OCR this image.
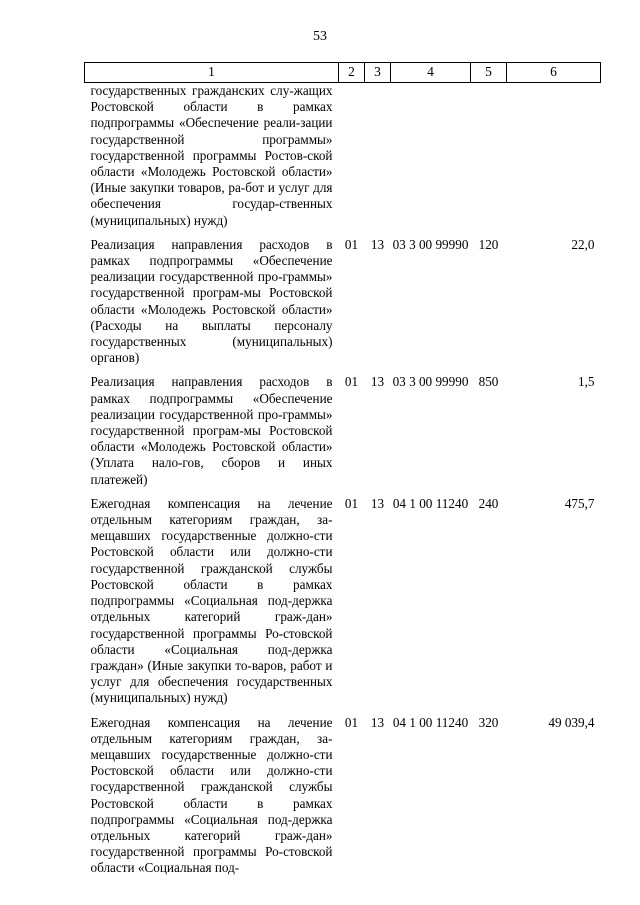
53
1	2	3	4	5	6
государственных гражданских слу-жащих Ростовской области в рамках подпрограммы «Обеспечение реали-зации государственной программы» государственной программы Ростов-ской области «Молодежь Ростовской области» (Иные закупки товаров, ра-бот и услуг для обеспечения государ-ственных (муниципальных) нужд)					
Реализация направления расходов в рамках подпрограммы «Обеспечение реализации государственной про-граммы» государственной програм-мы Ростовской области «Молодежь Ростовской области» (Расходы на выплаты персоналу государственных (муниципальных) органов)	01	13	03 3 00 99990	120	22,0
Реализация направления расходов в рамках подпрограммы «Обеспечение реализации государственной про-граммы» государственной програм-мы Ростовской области «Молодежь Ростовской области» (Уплата нало-гов, сборов и иных платежей)	01	13	03 3 00 99990	850	1,5
Ежегодная компенсация на лечение отдельным категориям граждан, за-мещавших государственные должно-сти Ростовской области или должно-сти государственной гражданской службы Ростовской области в рамках подпрограммы «Социальная под-держка отдельных категорий граж-дан» государственной программы Ро-стовской области «Социальная под-держка граждан» (Иные закупки то-варов, работ и услуг для обеспечения государственных (муниципальных) нужд)	01	13	04 1 00 11240	240	475,7
Ежегодная компенсация на лечение отдельным категориям граждан, за-мещавших государственные должно-сти Ростовской области или должно-сти государственной гражданской службы Ростовской области в рамках подпрограммы «Социальная под-держка отдельных категорий граж-дан» государственной программы Ро-стовской области «Социальная под-	01	13	04 1 00 11240	320	49 039,4
